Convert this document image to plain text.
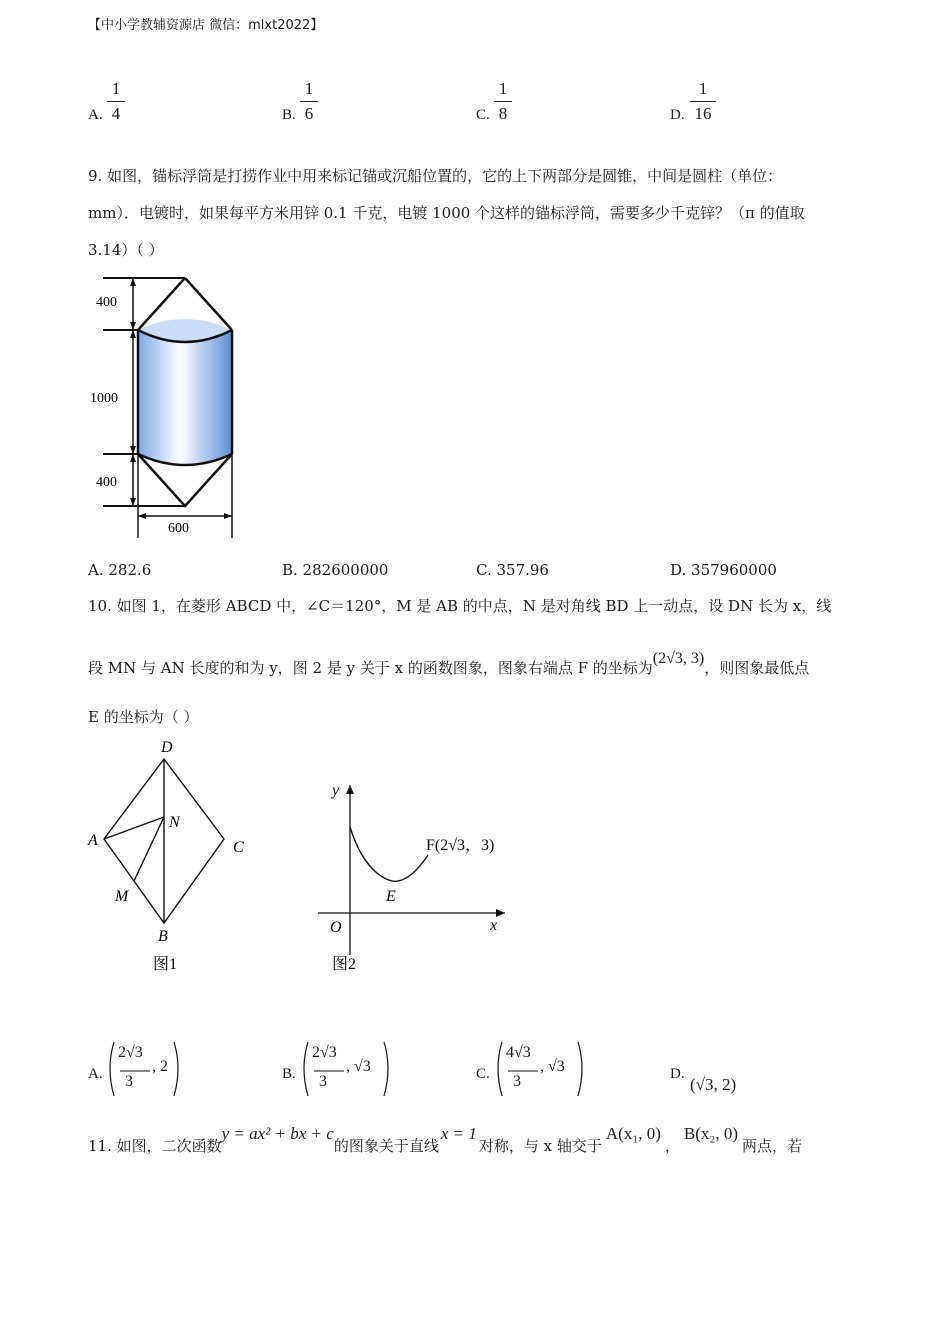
【中小学教辅资源店 微信：mlxt2022】
A.
1
4	B.
1
6	C.
1
8	D.
1
16
9. 如图，锚标浮筒是打捞作业中用来标记锚或沉船位置的，它的上下两部分是圆锥，中间是圆柱（单位：
mm）．电镀时，如果每平方米用锌 0.1 千克，电镀 1000 个这样的锚标浮筒，需要多少千克锌？（π 的值取
3.14）（ ）
400
1000
400
600
A. 282.6	B. 282600000	C. 357.96	D. 357960000
10. 如图 1，在菱形 ABCD 中，∠C＝120°，M 是 AB 的中点，N 是对角线 BD 上一动点，设 DN 长为 x，线
段 MN 与 AN 长度的和为 y，图 2 是 y 关于 x 的函数图象，图象右端点 F 的坐标为(2√3, 3)，则图象最低点
E 的坐标为（ ）
D
A
N
C
M
B
图1
y
F(2√3，3)
E
O	x
图2
A.
2√3
3
, 2	B.
2√3
3
, √3	C.
4√3
3
, √3	D.
(√3, 2)
11. 如图，二次函数y = ax² + bx + c的图象关于直线x = 1对称，与 x 轴交于A(x₁, 0)，B(x₂, 0)两点，若
